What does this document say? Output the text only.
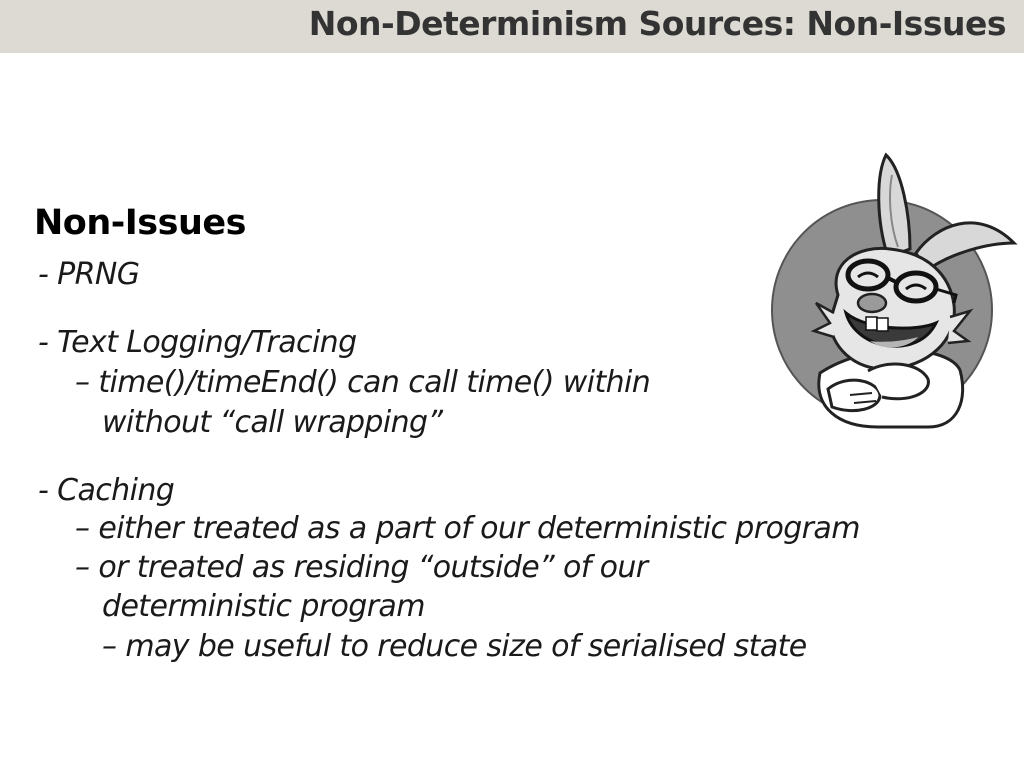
Non-Determinism Sources: Non-Issues
Non-Issues
- PRNG
- Text Logging/Tracing
– time()/timeEnd() can call time() within
without “call wrapping”
- Caching
– either treated as a part of our deterministic program
– or treated as residing “outside” of our
deterministic program
– may be useful to reduce size of serialised state
